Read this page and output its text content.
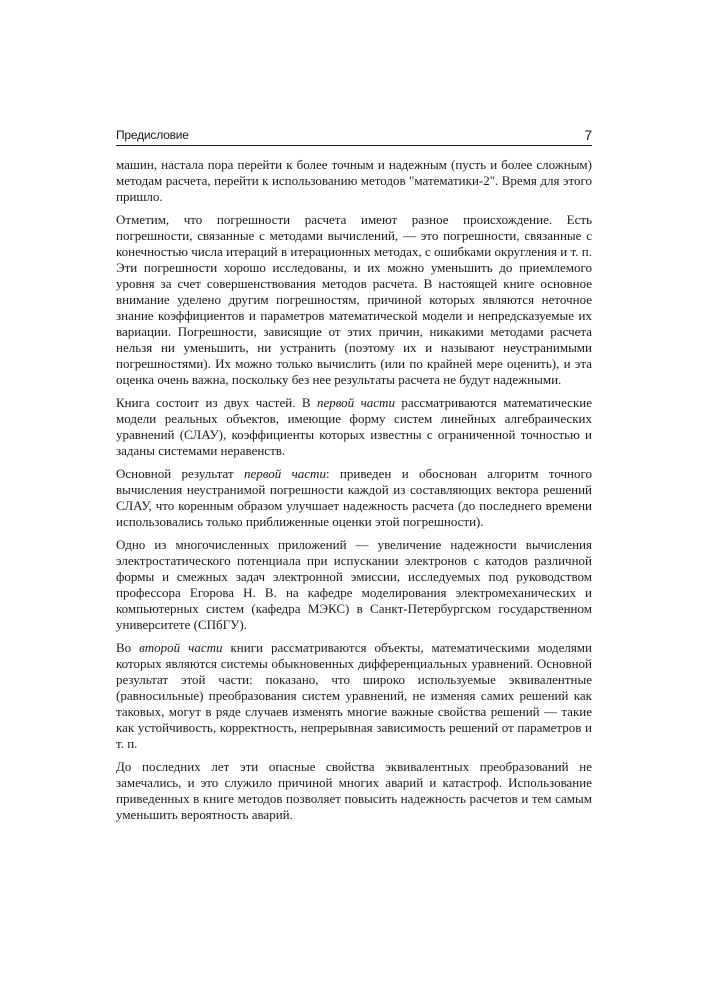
Предисловие	7

машин, настала пора перейти к более точным и надежным (пусть и более сложным) методам расчета, перейти к использованию методов "математики-2". Время для этого пришло.

Отметим, что погрешности расчета имеют разное происхождение. Есть погрешности, связанные с методами вычислений, — это погрешности, связанные с конечностью числа итераций в итерационных методах, с ошибками округления и т. п. Эти погрешности хорошо исследованы, и их можно уменьшить до приемлемого уровня за счет совершенствования методов расчета. В настоящей книге основное внимание уделено другим погрешностям, причиной которых являются неточное знание коэффициентов и параметров математической модели и непредсказуемые их вариации. Погрешности, зависящие от этих причин, никакими методами расчета нельзя ни уменьшить, ни устранить (поэтому их и называют неустранимыми погрешностями). Их можно только вычислить (или по крайней мере оценить), и эта оценка очень важна, поскольку без нее результаты расчета не будут надежными.

Книга состоит из двух частей. В первой части рассматриваются математические модели реальных объектов, имеющие форму систем линейных алгебраических уравнений (СЛАУ), коэффициенты которых известны с ограниченной точностью и заданы системами неравенств.

Основной результат первой части: приведен и обоснован алгоритм точного вычисления неустранимой погрешности каждой из составляющих вектора решений СЛАУ, что коренным образом улучшает надежность расчета (до последнего времени использовались только приближенные оценки этой погрешности).

Одно из многочисленных приложений — увеличение надежности вычисления электростатического потенциала при испускании электронов с катодов различной формы и смежных задач электронной эмиссии, исследуемых под руководством профессора Егорова Н. В. на кафедре моделирования электромеханических и компьютерных систем (кафедра МЭКС) в Санкт-Петербургском государственном университете (СПбГУ).

Во второй части книги рассматриваются объекты, математическими моделями которых являются системы обыкновенных дифференциальных уравнений. Основной результат этой части: показано, что широко используемые эквивалентные (равносильные) преобразования систем уравнений, не изменяя самих решений как таковых, могут в ряде случаев изменять многие важные свойства решений — такие как устойчивость, корректность, непрерывная зависимость решений от параметров и т. п.

До последних лет эти опасные свойства эквивалентных преобразований не замечались, и это служило причиной многих аварий и катастроф. Использование приведенных в книге методов позволяет повысить надежность расчетов и тем самым уменьшить вероятность аварий.
